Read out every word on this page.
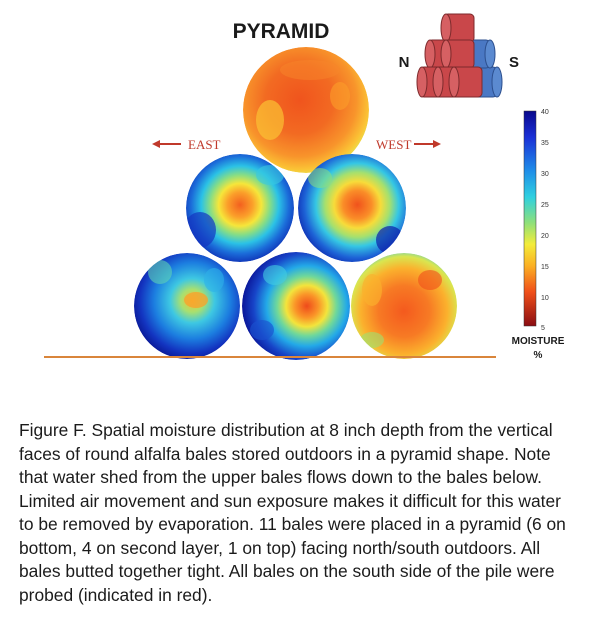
PYRAMID
N	S
EAST	WEST
40
35
30
25
20
15
10
5
MOISTURE
%

Figure F. Spatial moisture distribution at 8 inch depth from the vertical faces of round alfalfa bales stored outdoors in a pyramid shape. Note that water shed from the upper bales flows down to the bales below. Limited air movement and sun exposure makes it difficult for this water to be removed by evaporation. 11 bales were placed in a pyramid (6 on bottom, 4 on second layer, 1 on top) facing north/south outdoors. All bales butted together tight. All bales on the south side of the pile were probed (indicated in red).
